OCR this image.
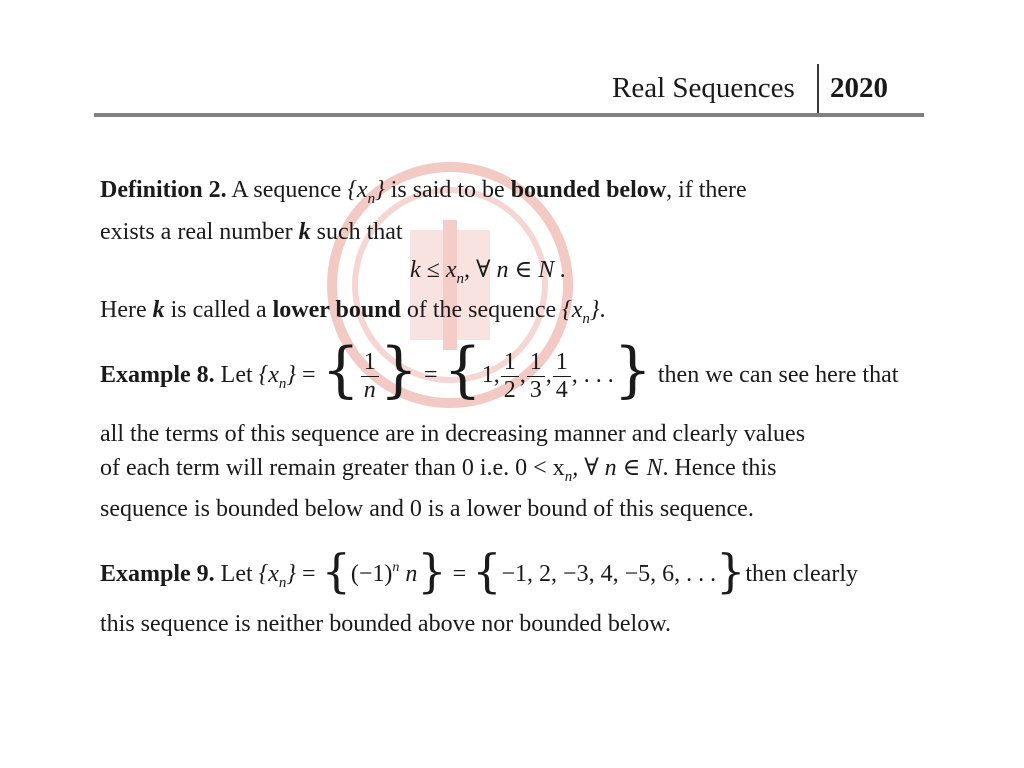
Real Sequences 2020
Definition 2. A sequence $\{x_n\}$ is said to be bounded below, if there
exists a real number k such that
$k \le x_n$, ∀ n ∈ N .
Here k is called a lower bound of the sequence $\{x_n\}$.
Example 8. Let $\{x_n\}$ = { $\frac{1}{n}$ } = {1, $\frac{1}{2}$ , $\frac{1}{3}$ , $\frac{1}{4}$ , . . .} then we can see here that
all the terms of this sequence are in decreasing manner and clearly values
of each term will remain greater than 0 i.e. $0 < x_n$, ∀ n ∈ N. Hence this
sequence is bounded below and 0 is a lower bound of this sequence.
Example 9. Let $\{x_n\} = \{(-1)^n$ n} = {−1, 2, −3, 4, −5, 6, . . .}then clearly
this sequence is neither bounded above nor bounded below.
